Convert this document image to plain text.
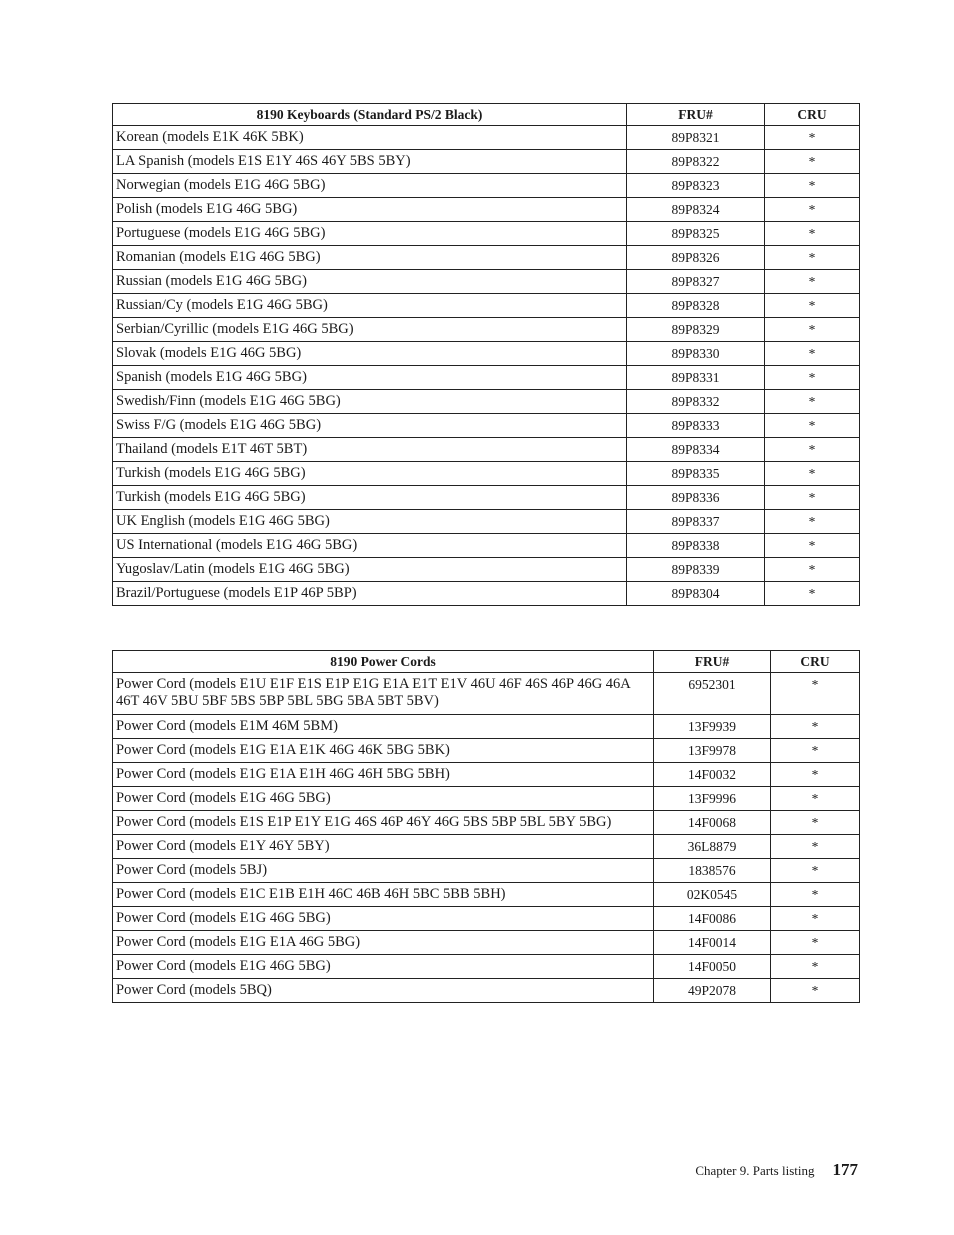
8190 Keyboards (Standard PS/2 Black)	FRU#	CRU
Korean (models E1K 46K 5BK)	89P8321	*
LA Spanish (models E1S E1Y 46S 46Y 5BS 5BY)	89P8322	*
Norwegian (models E1G 46G 5BG)	89P8323	*
Polish (models E1G 46G 5BG)	89P8324	*
Portuguese (models E1G 46G 5BG)	89P8325	*
Romanian (models E1G 46G 5BG)	89P8326	*
Russian (models E1G 46G 5BG)	89P8327	*
Russian/Cy (models E1G 46G 5BG)	89P8328	*
Serbian/Cyrillic (models E1G 46G 5BG)	89P8329	*
Slovak (models E1G 46G 5BG)	89P8330	*
Spanish (models E1G 46G 5BG)	89P8331	*
Swedish/Finn (models E1G 46G 5BG)	89P8332	*
Swiss F/G (models E1G 46G 5BG)	89P8333	*
Thailand (models E1T 46T 5BT)	89P8334	*
Turkish (models E1G 46G 5BG)	89P8335	*
Turkish (models E1G 46G 5BG)	89P8336	*
UK English (models E1G 46G 5BG)	89P8337	*
US International (models E1G 46G 5BG)	89P8338	*
Yugoslav/Latin (models E1G 46G 5BG)	89P8339	*
Brazil/Portuguese (models E1P 46P 5BP)	89P8304	*
8190 Power Cords	FRU#	CRU
Power Cord (models E1U E1F E1S E1P E1G E1A E1T E1V 46U 46F 46S 46P 46G 46A 46T 46V 5BU 5BF 5BS 5BP 5BL 5BG 5BA 5BT 5BV)	6952301	*
Power Cord (models E1M 46M 5BM)	13F9939	*
Power Cord (models E1G E1A E1K 46G 46K 5BG 5BK)	13F9978	*
Power Cord (models E1G E1A E1H 46G 46H 5BG 5BH)	14F0032	*
Power Cord (models E1G 46G 5BG)	13F9996	*
Power Cord (models E1S E1P E1Y E1G 46S 46P 46Y 46G 5BS 5BP 5BL 5BY 5BG)	14F0068	*
Power Cord (models E1Y 46Y 5BY)	36L8879	*
Power Cord (models 5BJ)	1838576	*
Power Cord (models E1C E1B E1H 46C 46B 46H 5BC 5BB 5BH)	02K0545	*
Power Cord (models E1G 46G 5BG)	14F0086	*
Power Cord (models E1G E1A 46G 5BG)	14F0014	*
Power Cord (models E1G 46G 5BG)	14F0050	*
Power Cord (models 5BQ)	49P2078	*
Chapter 9. Parts listing 177
